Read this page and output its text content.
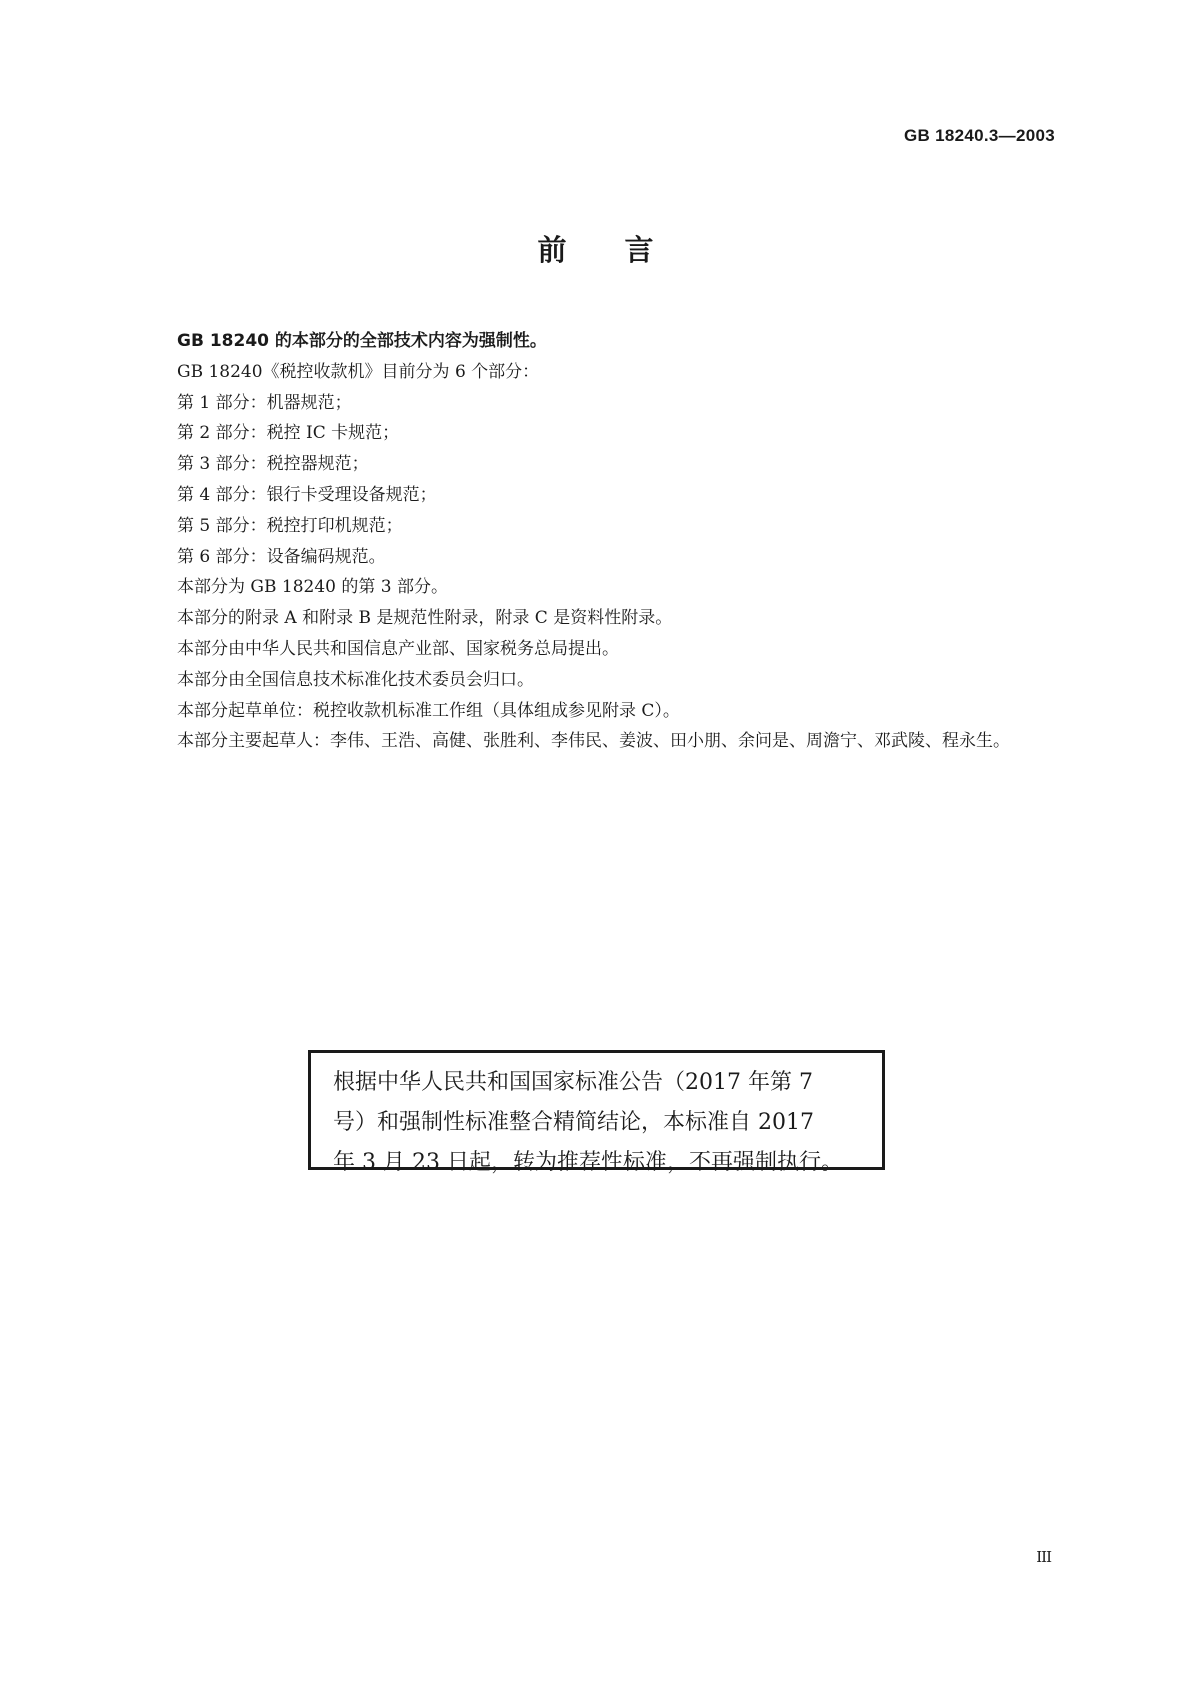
GB 18240.3—2003
前言

GB 18240 的本部分的全部技术内容为强制性。

GB 18240《税控收款机》目前分为 6 个部分：

第 1 部分：机器规范；

第 2 部分：税控 IC 卡规范；

第 3 部分：税控器规范；

第 4 部分：银行卡受理设备规范；

第 5 部分：税控打印机规范；

第 6 部分：设备编码规范。

本部分为 GB 18240 的第 3 部分。

本部分的附录 A 和附录 B 是规范性附录，附录 C 是资料性附录。

本部分由中华人民共和国信息产业部、国家税务总局提出。

本部分由全国信息技术标准化技术委员会归口。

本部分起草单位：税控收款机标准工作组（具体组成参见附录 C）。

本部分主要起草人：李伟、王浩、高健、张胜利、李伟民、姜波、田小朋、余问是、周澹宁、邓武陵、程永生。

根据中华人民共和国国家标准公告（2017 年第 7
号）和强制性标准整合精简结论，本标准自 2017
年 3 月 23 日起，转为推荐性标准，不再强制执行。
III
